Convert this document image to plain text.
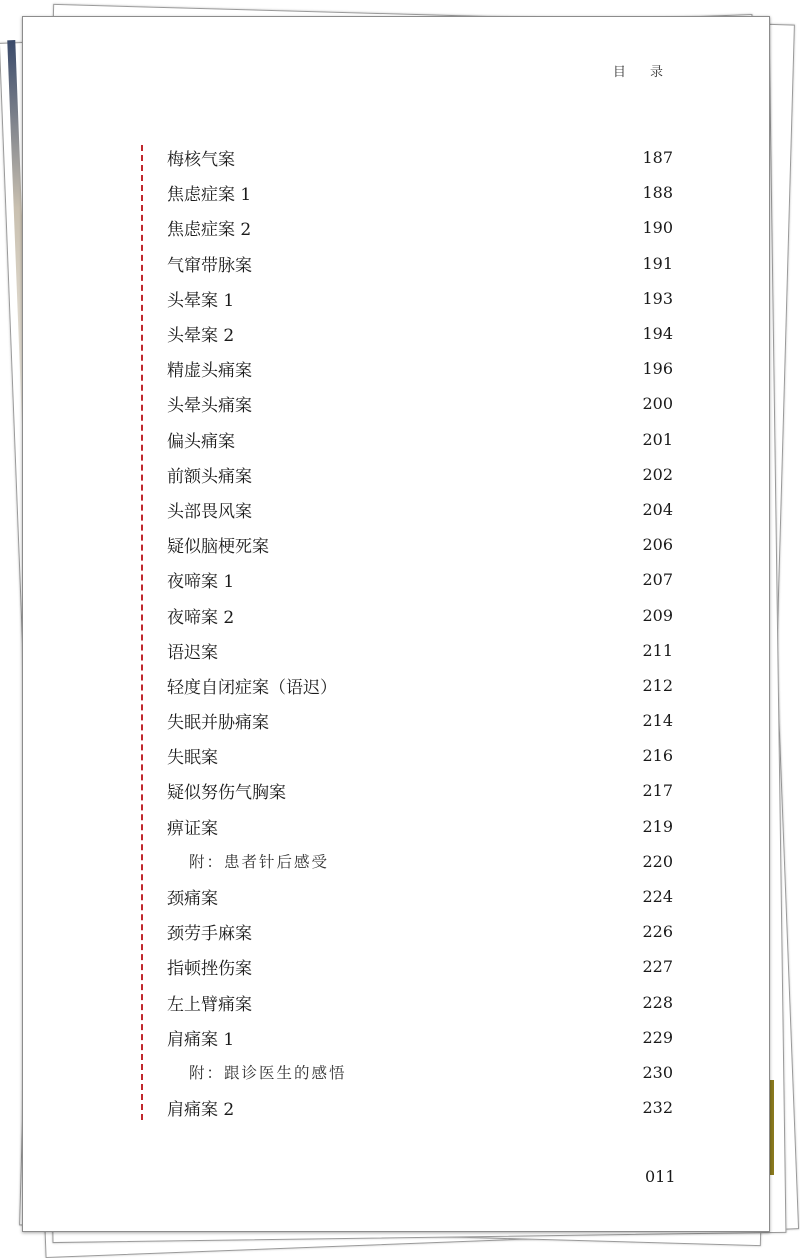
目 录
梅核气案	187
焦虑症案 1	188
焦虑症案 2	190
气窜带脉案	191
头晕案 1	193
头晕案 2	194
精虚头痛案	196
头晕头痛案	200
偏头痛案	201
前额头痛案	202
头部畏风案	204
疑似脑梗死案	206
夜啼案 1	207
夜啼案 2	209
语迟案	211
轻度自闭症案（语迟）	212
失眠并胁痛案	214
失眠案	216
疑似努伤气胸案	217
痹证案	219
附：患者针后感受	220
颈痛案	224
颈劳手麻案	226
指顿挫伤案	227
左上臂痛案	228
肩痛案 1	229
附：跟诊医生的感悟	230
肩痛案 2	232
011
